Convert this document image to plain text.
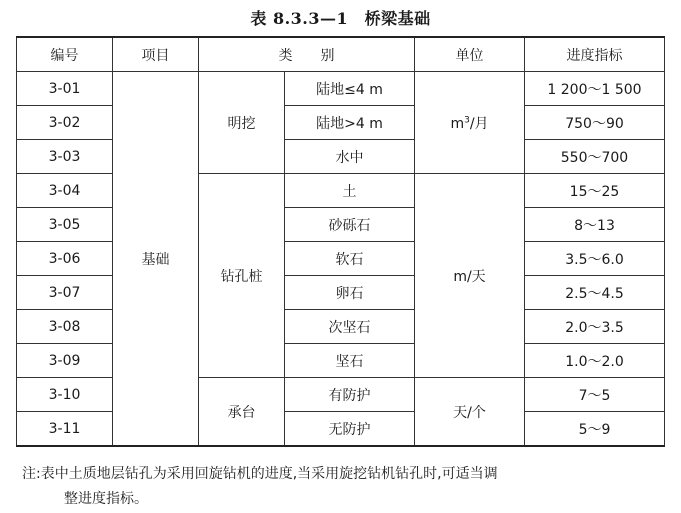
表 8.3.3—1　桥梁基础
编号	项目	类别		单位	进度指标
3-01	基础	明挖	陆地≤4 m	$m^3/$月	1 200～1 500
3-02			陆地>4 m		750～90
3-03			水中		550～700
3-04		钻孔桩	土	m/天	15～25
3-05			砂砾石		8～13
3-06			软石		3.5～6.0
3-07			卵石		2.5～4.5
3-08			次坚石		2.0～3.5
3-09			坚石		1.0～2.0
3-10		承台	有防护	天/个	7～5
3-11			无防护		5～9
注:表中土质地层钻孔为采用回旋钻机的进度,当采用旋挖钻机钻孔时,可适当调
整进度指标。
